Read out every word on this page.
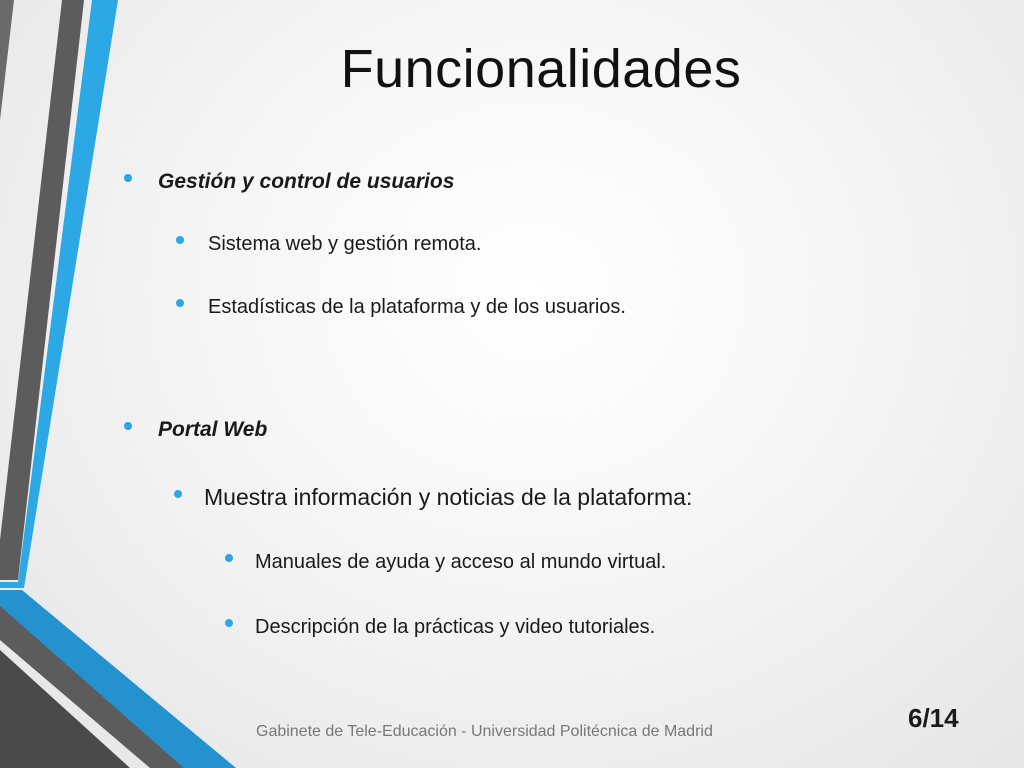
Funcionalidades
Gestión y control de usuarios
Sistema web y gestión remota.
Estadísticas de la plataforma y de los usuarios.
Portal Web
Muestra información y noticias de la plataforma:
Manuales de ayuda y acceso al mundo virtual.
Descripción de la prácticas y video tutoriales.
Gabinete de Tele-Educación - Universidad Politécnica de Madrid	6/14
